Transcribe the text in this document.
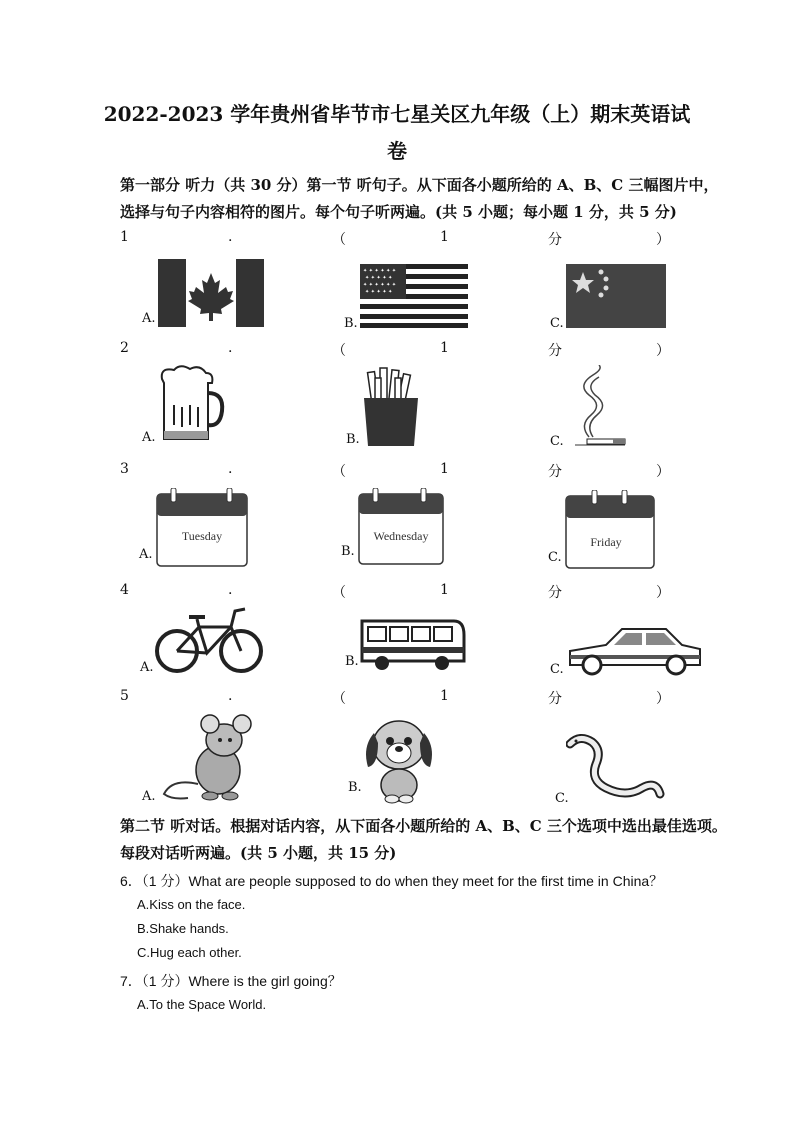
2022-2023 学年贵州省毕节市七星关区九年级（上）期末英语试
卷
第一部分 听力（共 30 分）第一节 听句子。从下面各小题所给的 A、B、C 三幅图片中，
选择与句子内容相符的图片。每个句子听两遍。(共 5 小题；每小题 1 分，共 5 分)
1	.	（	1	分	）
2	.	（	1	分	）
3	.	（	1	分	）
4	.	（	1	分	）
5	.	（	1	分	）
A.	B.
✦ ✦ ✦ ✦ ✦ ✦
✦ ✦ ✦ ✦ ✦
✦ ✦ ✦ ✦ ✦ ✦
✦ ✦ ✦ ✦ ✦
C.
A.	B.	C.
A.
Tuesday
B.
Wednesday
C.
Friday
A.	B.
C.
A.
B.
C.
第二节 听对话。根据对话内容，从下面各小题所给的 A、B、C 三个选项中选出最佳选项。
每段对话听两遍。(共 5 小题，共 15 分)
6．（1 分）What are people supposed to do when they meet for the first time in China？
A.Kiss on the face.
B.Shake hands.
C.Hug each other.
7．（1 分）Where is the girl going？
A.To the Space World.
